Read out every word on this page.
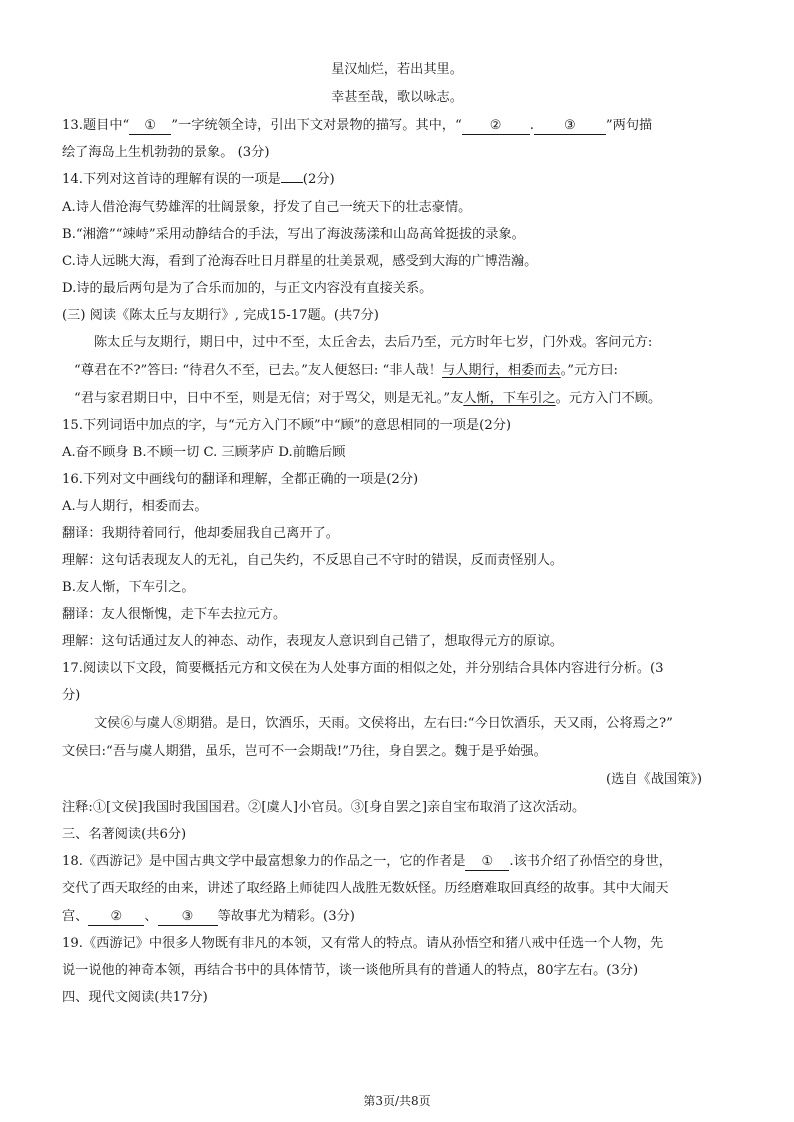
星汉灿烂，若出其里。
幸甚至哉，歌以咏志。
13.题目中“ ① ”一字统领全诗，引出下文对景物的描写。其中，“ ② . ③ ”两句描
绘了海岛上生机勃勃的景象。 (3分)
14.下列对这首诗的理解有误的一项是 (2分)
A.诗人借沧海气势雄浑的壮阔景象，抒发了自己一统天下的壮志豪情。
B.“湘澹”“竦峙”采用动静结合的手法，写出了海波荡漾和山岛高耸挺拔的录象。
C.诗人远眺大海，看到了沧海吞吐日月群星的壮美景观，感受到大海的广博浩瀚。
D.诗的最后两句是为了合乐而加的，与正文内容没有直接关系。
(三) 阅读《陈太丘与友期行》, 完成15-17题。(共7分)
陈太丘与友期行，期日中，过中不至，太丘舍去，去后乃至，元方时年七岁，门外戏。客问元方:
“尊君在不?”答曰: “待君久不至，已去。”友人便怒曰: “非人哉！与人期行，相委而去。”元方曰:
“君与家君期日中，日中不至，则是无信；对于骂父，则是无礼。”友人惭，下车引之。元方入门不顾。
15.下列词语中加点的字，与“元方入门不顾”中“顾”的意思相同的一项是(2分)
A.奋不顾身 B.不顾一切 C. 三顾茅庐 D.前瞻后顾
16.下列对文中画线句的翻译和理解，全都正确的一项是(2分)
A.与人期行，相委而去。
翻译：我期待着同行，他却委屈我自己离开了。
理解：这句话表现友人的无礼，自己失约，不反思自己不守时的错误，反而责怪别人。
B.友人惭，下车引之。
翻译：友人很惭愧，走下车去拉元方。
理解：这句话通过友人的神态、动作，表现友人意识到自己错了，想取得元方的原谅。
17.阅读以下文段，简要概括元方和文侯在为人处事方面的相似之处，并分别结合具体内容进行分析。(3
分)
文侯⑥与虞人⑧期猎。是日，饮酒乐，天雨。文侯将出，左右曰:“今日饮酒乐，天又雨，公将焉之?”
文侯曰:“吾与虞人期猎，虽乐，岂可不一会期哉!”乃往，身自罢之。魏于是乎始强。
(选自《战国策》)
注释:①[文侯]我国时我国国君。②[虞人]小官员。③[身自罢之]亲自宝布取消了这次活动。
三、名著阅读(共6分)
18.《西游记》是中国古典文学中最富想象力的作品之一，它的作者是 ① .该书介绍了孙悟空的身世，
交代了西天取经的由来，讲述了取经路上师徒四人战胜无数妖怪。历经磨难取回真经的故事。其中大闹天
宫、 ② 、 ③ 等故事尤为精彩。(3分)
19.《西游记》中很多人物既有非凡的本领，又有常人的特点。请从孙悟空和猪八戒中任选一个人物，先
说一说他的神奇本领，再结合书中的具体情节，谈一谈他所具有的普通人的特点，80字左右。(3分)
四、现代文阅读(共17分)
第3页/共8页
